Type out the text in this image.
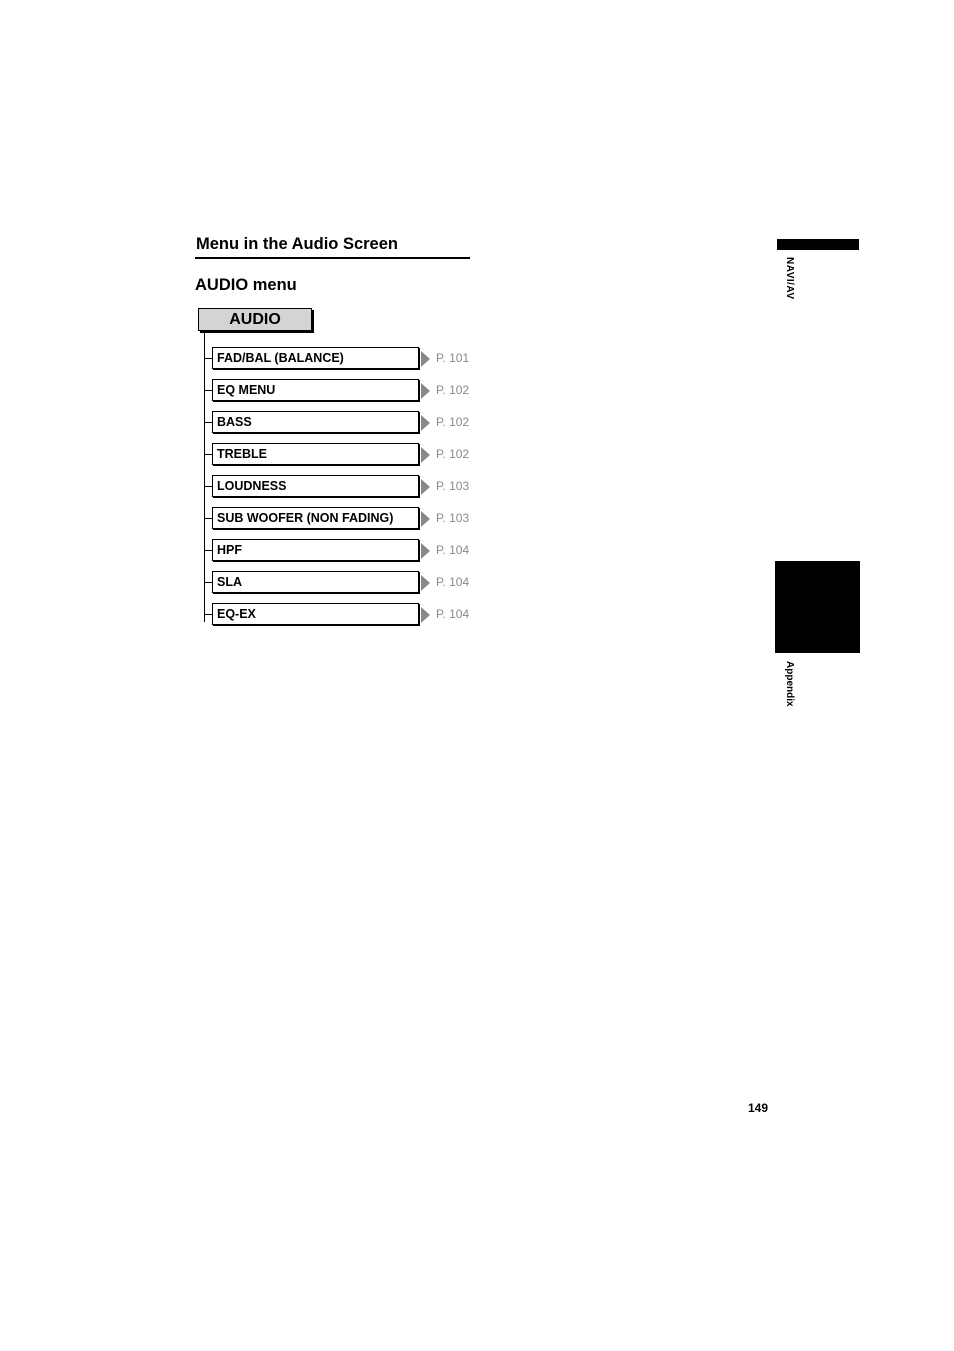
Menu in the Audio Screen
AUDIO menu
AUDIO
FAD/BAL (BALANCE)	P. 101
EQ MENU	P. 102
BASS	P. 102
TREBLE	P. 102
LOUDNESS	P. 103
SUB WOOFER (NON FADING)	P. 103
HPF	P. 104
SLA	P. 104
EQ-EX	P. 104
NAVI/AV
Appendix
149
